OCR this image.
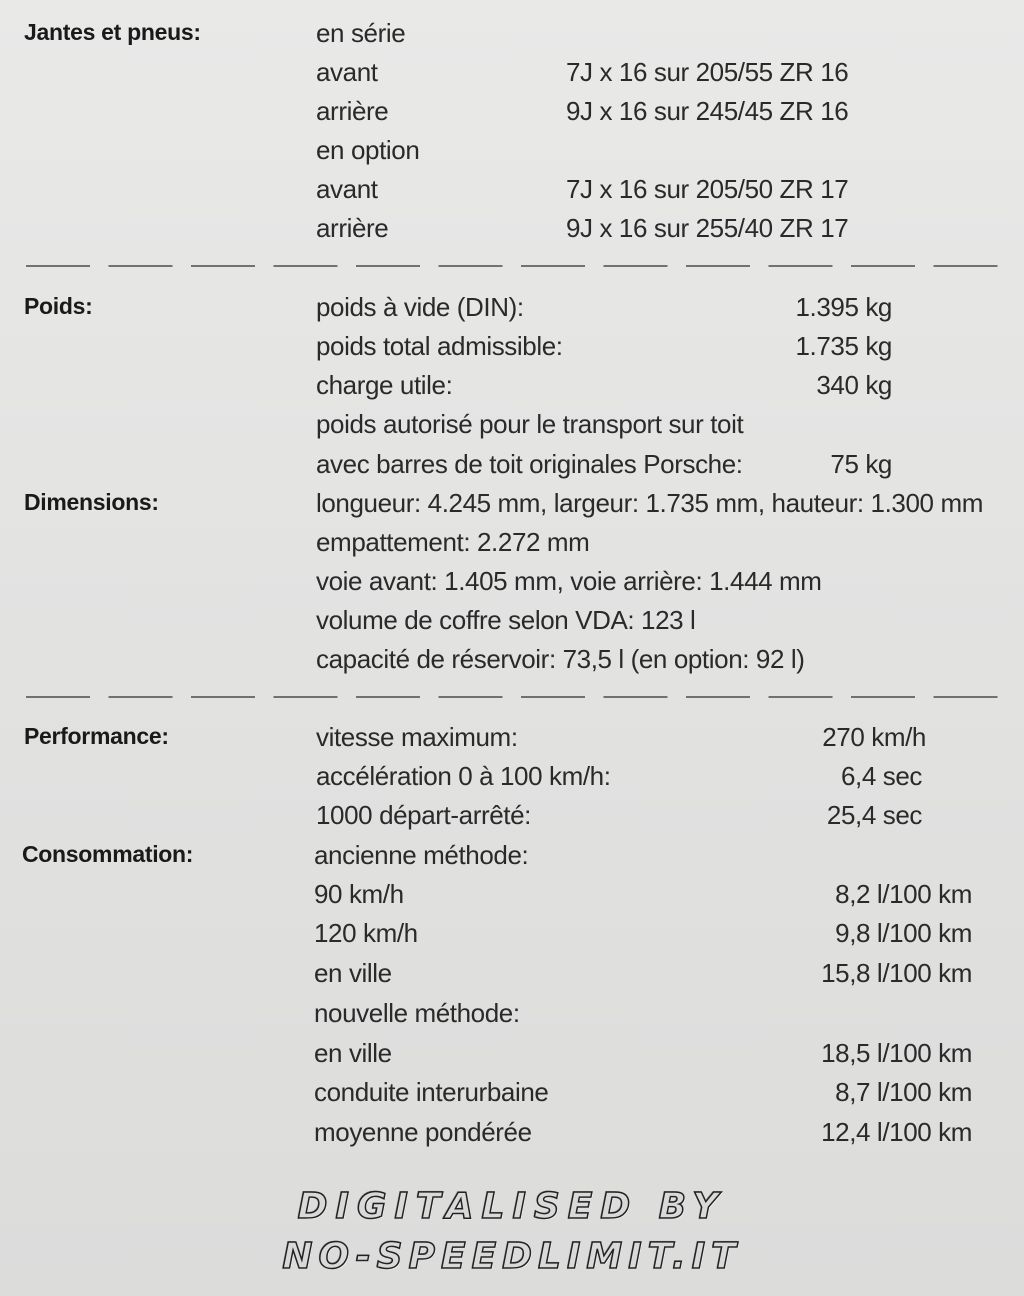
Jantes et pneus:	en série
avant	7J x 16 sur 205/55 ZR 16
arrière	9J x 16 sur 245/45 ZR 16
en option
avant	7J x 16 sur 205/50 ZR 17
arrière	9J x 16 sur 255/40 ZR 17
Poids:	poids à vide (DIN):	1.395 kg
poids total admissible:	1.735 kg
charge utile:	340 kg
poids autorisé pour le transport sur toit
avec barres de toit originales Porsche:	75 kg
Dimensions:	longueur: 4.245 mm, largeur: 1.735 mm, hauteur: 1.300 mm
empattement: 2.272 mm
voie avant: 1.405 mm, voie arrière: 1.444 mm
volume de coffre selon VDA: 123 l
capacité de réservoir: 73,5 l (en option: 92 l)
Performance:	vitesse maximum:	270 km/h
accélération 0 à 100 km/h:	6,4 sec
1000 départ-arrêté:	25,4 sec
Consommation:	ancienne méthode:
90 km/h	8,2 l/100 km
120 km/h	9,8 l/100 km
en ville	15,8 l/100 km
nouvelle méthode:
en ville	18,5 l/100 km
conduite interurbaine	8,7 l/100 km
moyenne pondérée	12,4 l/100 km
DIGITALISED BY
NO-SPEEDLIMIT.IT
